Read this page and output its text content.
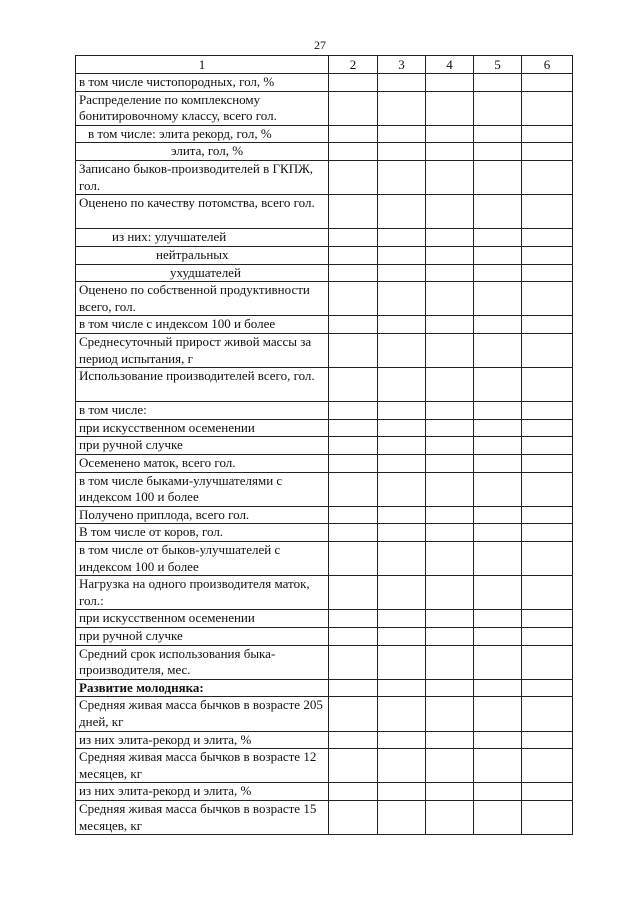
27
1	2	3	4	5	6
в том числе чистопородных, гол, %					
Распределение по комплексному бонитировочному классу, всего гол.					
в том числе: элита рекорд, гол, %					
элита, гол, %					
Записано быков-производителей в ГКПЖ, гол.					
Оценено по качеству потомства, всего гол.					
из них: улучшателей					
нейтральных					
ухудшателей					
Оценено по собственной продуктивности всего, гол.					
в том числе с индексом 100 и более					
Среднесуточный прирост живой массы за период испытания, г					
Использование производителей всего, гол.					
в том числе:					
при искусственном осеменении					
при ручной случке					
Осеменено маток, всего гол.					
в том числе быками-улучшателями с индексом 100 и более					
Получено приплода, всего гол.					
В том числе от коров, гол.					
в том числе от быков-улучшателей с индексом 100 и более					
Нагрузка на одного производителя маток, гол.:					
при искусственном осеменении					
при ручной случке					
Средний срок использования быка-производителя, мес.					
Развитие молодняка:					
Средняя живая масса бычков в возрасте 205 дней, кг					
из них элита-рекорд и элита, %					
Средняя живая масса бычков в возрасте 12 месяцев, кг					
из них элита-рекорд и элита, %					
Средняя живая масса бычков в возрасте 15 месяцев, кг					
